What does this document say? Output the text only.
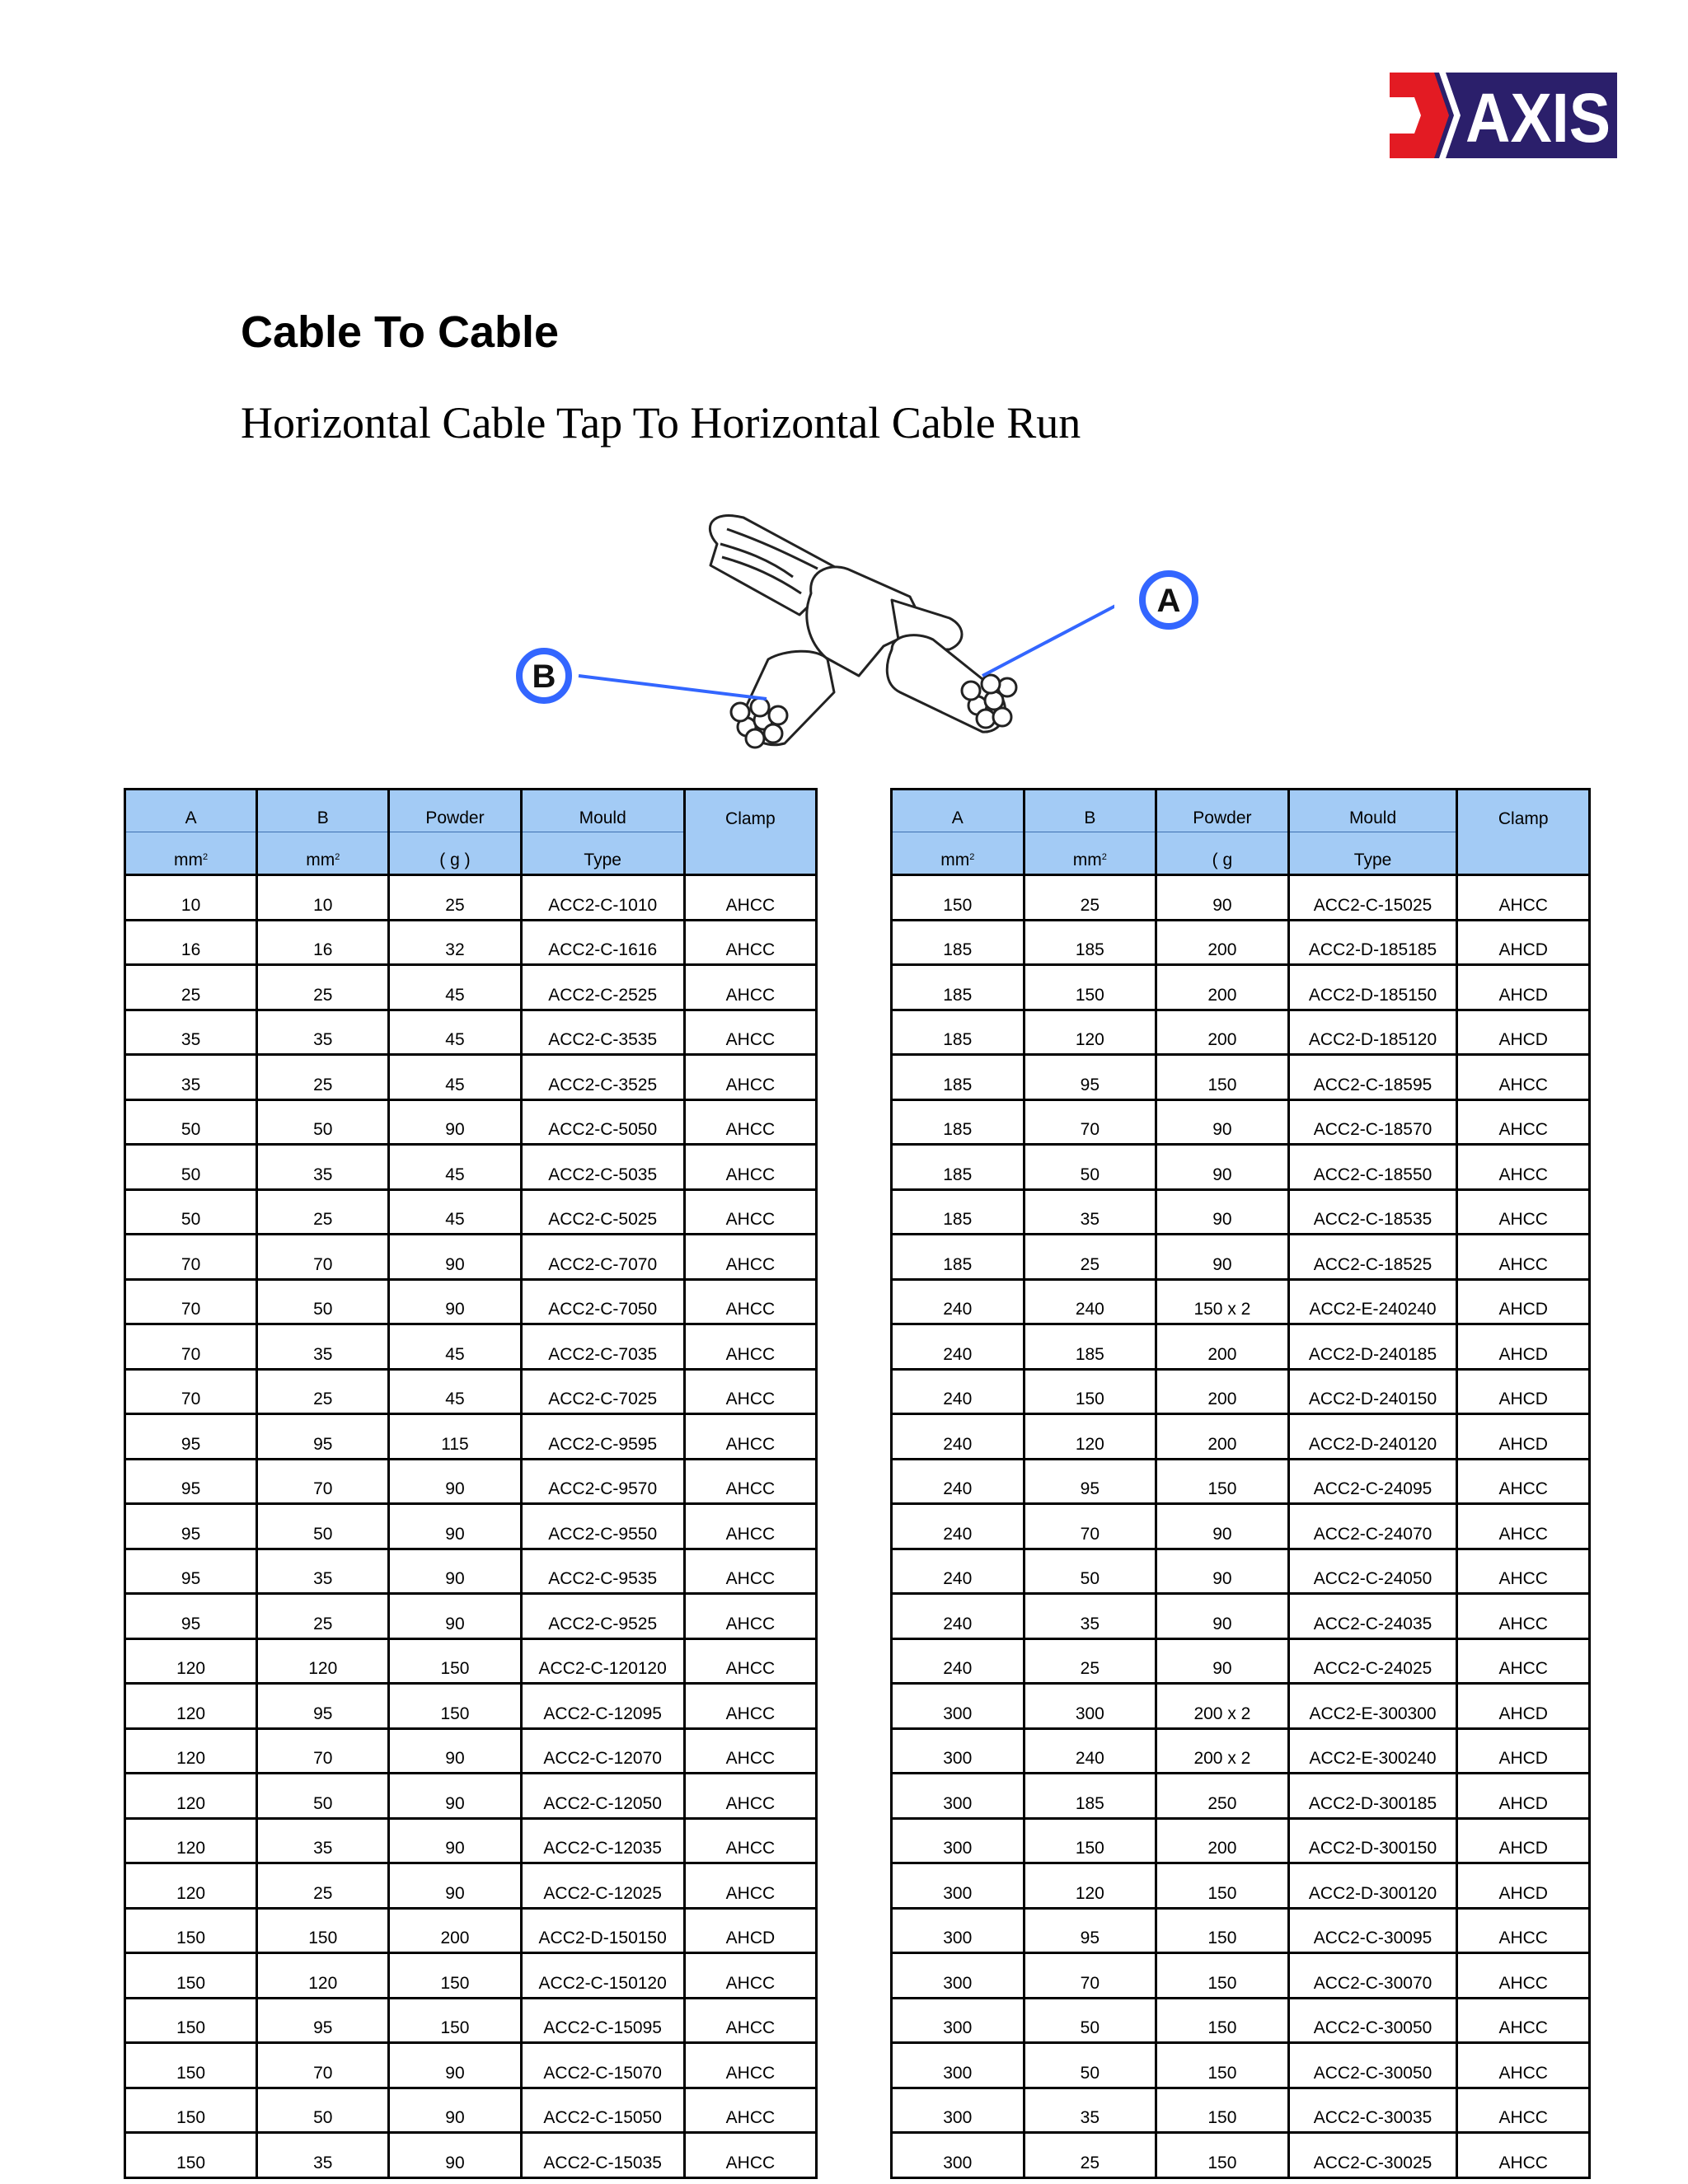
AXIS
Cable To Cable
Horizontal Cable Tap To Horizontal Cable Run
B
A
A	B	Powder	Mould	Clamp
$mm^2$	$mm^2$	( g )	Type	
10	10	25	ACC2-C-1010	AHCC
16	16	32	ACC2-C-1616	AHCC
25	25	45	ACC2-C-2525	AHCC
35	35	45	ACC2-C-3535	AHCC
35	25	45	ACC2-C-3525	AHCC
50	50	90	ACC2-C-5050	AHCC
50	35	45	ACC2-C-5035	AHCC
50	25	45	ACC2-C-5025	AHCC
70	70	90	ACC2-C-7070	AHCC
70	50	90	ACC2-C-7050	AHCC
70	35	45	ACC2-C-7035	AHCC
70	25	45	ACC2-C-7025	AHCC
95	95	115	ACC2-C-9595	AHCC
95	70	90	ACC2-C-9570	AHCC
95	50	90	ACC2-C-9550	AHCC
95	35	90	ACC2-C-9535	AHCC
95	25	90	ACC2-C-9525	AHCC
120	120	150	ACC2-C-120120	AHCC
120	95	150	ACC2-C-12095	AHCC
120	70	90	ACC2-C-12070	AHCC
120	50	90	ACC2-C-12050	AHCC
120	35	90	ACC2-C-12035	AHCC
120	25	90	ACC2-C-12025	AHCC
150	150	200	ACC2-D-150150	AHCD
150	120	150	ACC2-C-150120	AHCC
150	95	150	ACC2-C-15095	AHCC
150	70	90	ACC2-C-15070	AHCC
150	50	90	ACC2-C-15050	AHCC
150	35	90	ACC2-C-15035	AHCC
A	B	Powder	Mould	Clamp
$mm^2$	$mm^2$	( g	Type	
150	25	90	ACC2-C-15025	AHCC
185	185	200	ACC2-D-185185	AHCD
185	150	200	ACC2-D-185150	AHCD
185	120	200	ACC2-D-185120	AHCD
185	95	150	ACC2-C-18595	AHCC
185	70	90	ACC2-C-18570	AHCC
185	50	90	ACC2-C-18550	AHCC
185	35	90	ACC2-C-18535	AHCC
185	25	90	ACC2-C-18525	AHCC
240	240	150 x 2	ACC2-E-240240	AHCD
240	185	200	ACC2-D-240185	AHCD
240	150	200	ACC2-D-240150	AHCD
240	120	200	ACC2-D-240120	AHCD
240	95	150	ACC2-C-24095	AHCC
240	70	90	ACC2-C-24070	AHCC
240	50	90	ACC2-C-24050	AHCC
240	35	90	ACC2-C-24035	AHCC
240	25	90	ACC2-C-24025	AHCC
300	300	200 x 2	ACC2-E-300300	AHCD
300	240	200 x 2	ACC2-E-300240	AHCD
300	185	250	ACC2-D-300185	AHCD
300	150	200	ACC2-D-300150	AHCD
300	120	150	ACC2-D-300120	AHCD
300	95	150	ACC2-C-30095	AHCC
300	70	150	ACC2-C-30070	AHCC
300	50	150	ACC2-C-30050	AHCC
300	50	150	ACC2-C-30050	AHCC
300	35	150	ACC2-C-30035	AHCC
300	25	150	ACC2-C-30025	AHCC
